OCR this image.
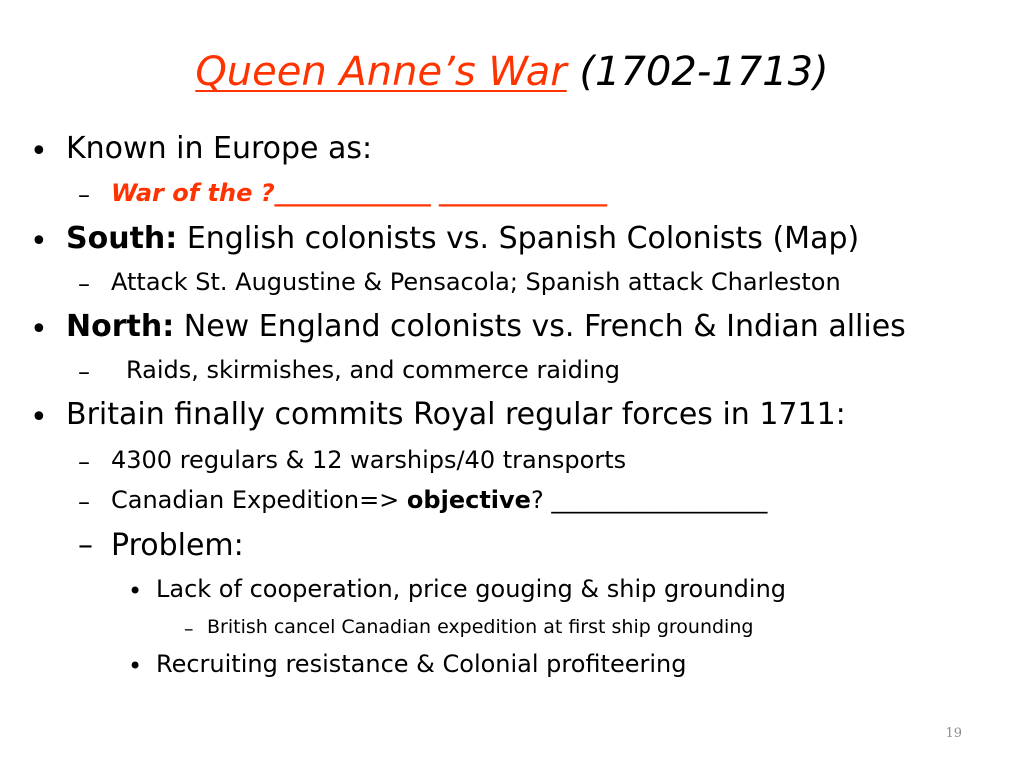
Queen Anne’s War (1702-1713)
• Known in Europe as:
– War of the ?_____________ ______________
• South: English colonists vs. Spanish Colonists (Map)
– Attack St. Augustine & Pensacola; Spanish attack Charleston
• North: New England colonists vs. French & Indian allies
– Raids, skirmishes, and commerce raiding
• Britain finally commits Royal regular forces in 1711:
– 4300 regulars & 12 warships/40 transports
– Canadian Expedition=> objective? __________________
– Problem:
• Lack of cooperation, price gouging & ship grounding
– British cancel Canadian expedition at first ship grounding
• Recruiting resistance & Colonial profiteering
19
